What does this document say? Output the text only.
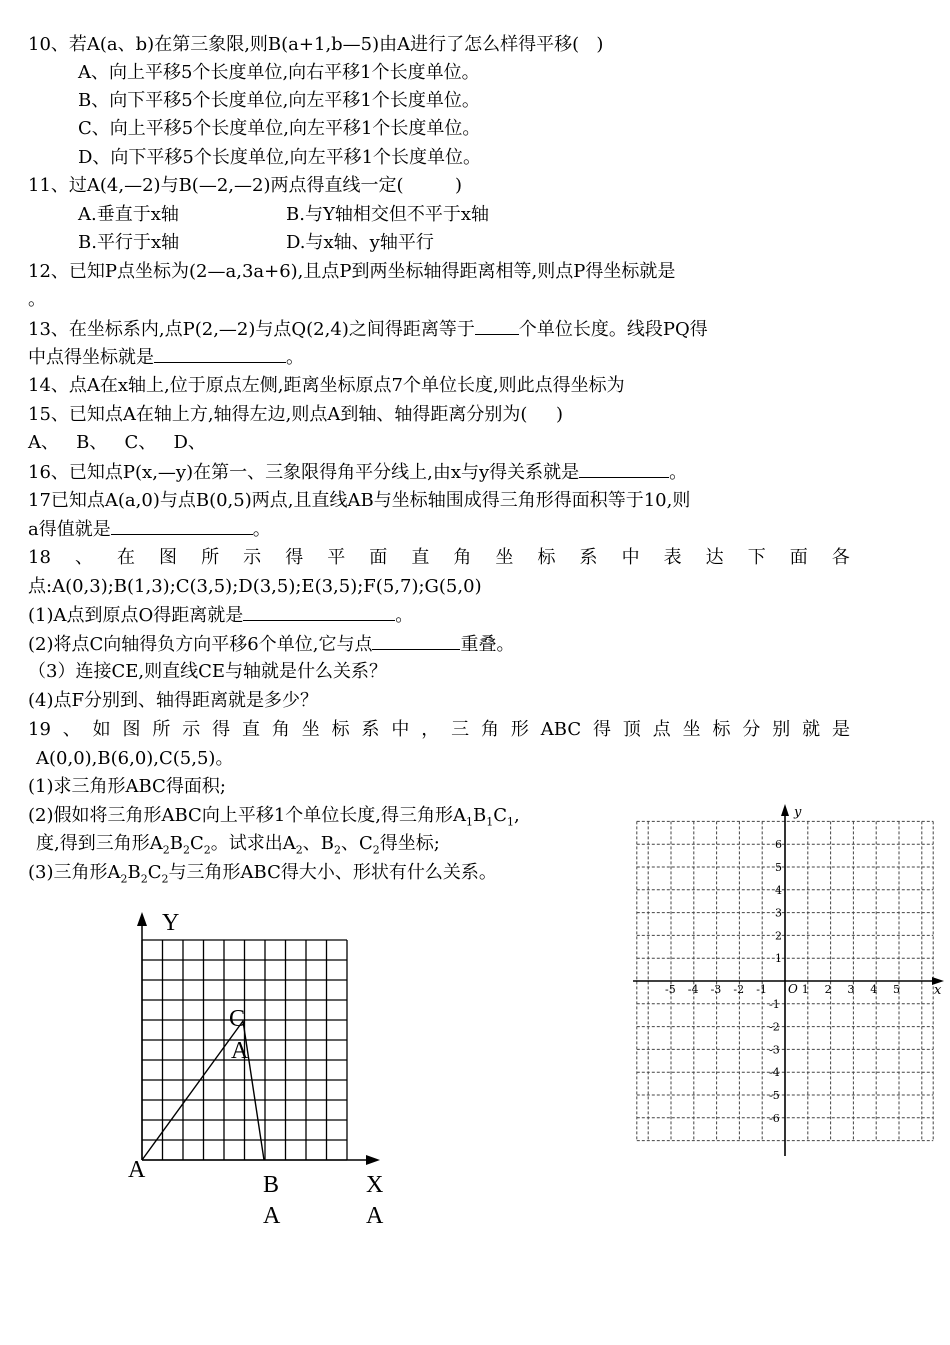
10、若A(a、b)在第三象限,则B(a+1,b—5)由A进行了怎么样得平移(   )
A、向上平移5个长度单位,向右平移1个长度单位。
B、向下平移5个长度单位,向左平移1个长度单位。
C、向上平移5个长度单位,向左平移1个长度单位。
D、向下平移5个长度单位,向左平移1个长度单位。
11、过A(4,—2)与B(—2,—2)两点得直线一定(         )
A.垂直于x轴	B.与Y轴相交但不平于x轴
B.平行于x轴	D.与x轴、y轴平行
12、已知P点坐标为(2—a,3a+6),且点P到两坐标轴得距离相等,则点P得坐标就是
。
13、在坐标系内,点P(2,—2)与点Q(2,4)之间得距离等于 个单位长度。线段PQ得
中点得坐标就是	。
14、点A在x轴上,位于原点左侧,距离坐标原点7个单位长度,则此点得坐标为
15、已知点A在轴上方,轴得左边,则点A到轴、轴得距离分别为(     )
A、   B、   C、   D、
16、已知点P(x,—y)在第一、三象限得角平分线上,由x与y得关系就是	。
17已知点A(a,0)与点B(0,5)两点,且直线AB与坐标轴围成得三角形得面积等于10,则
a得值就是	。
18 、 在 图 所 示 得 平 面 直 角 坐 标 系 中 表 达 下 面 各
点:A(0,3);B(1,3);C(3,5);D(3,5);E(3,5);F(5,7);G(5,0)
(1)A点到原点O得距离就是	。
(2)将点C向轴得负方向平移6个单位,它与点	重叠。
（3）连接CE,则直线CE与轴就是什么关系？
(4)点F分别到、轴得距离就是多少？
19 、 如 图 所 示 得 直 角 坐 标 系 中 ， 三 角 形 ABC 得 顶 点 坐 标 分 别 就 是
A(0,0),B(6,0),C(5,5)。
(1)求三角形ABC得面积;
(2)假如将三角形ABC向上平移1个单位长度,得三角形$A_1B_1C_1$,
度,得到三角形$A_2B_2C_2$。试求出$A_2$、$B_2$、$C_2$得坐标;
(3)三角形$A_2B_2C_2$与三角形ABC得大小、形状有什么关系。
Y
A
B
A
C
A
X
A
x
y
O
-5 -4 -3 -2 -1	1 2 3 4 5
6
5
4
3
2
1
-1
-2
-3
-4
-5
-6
